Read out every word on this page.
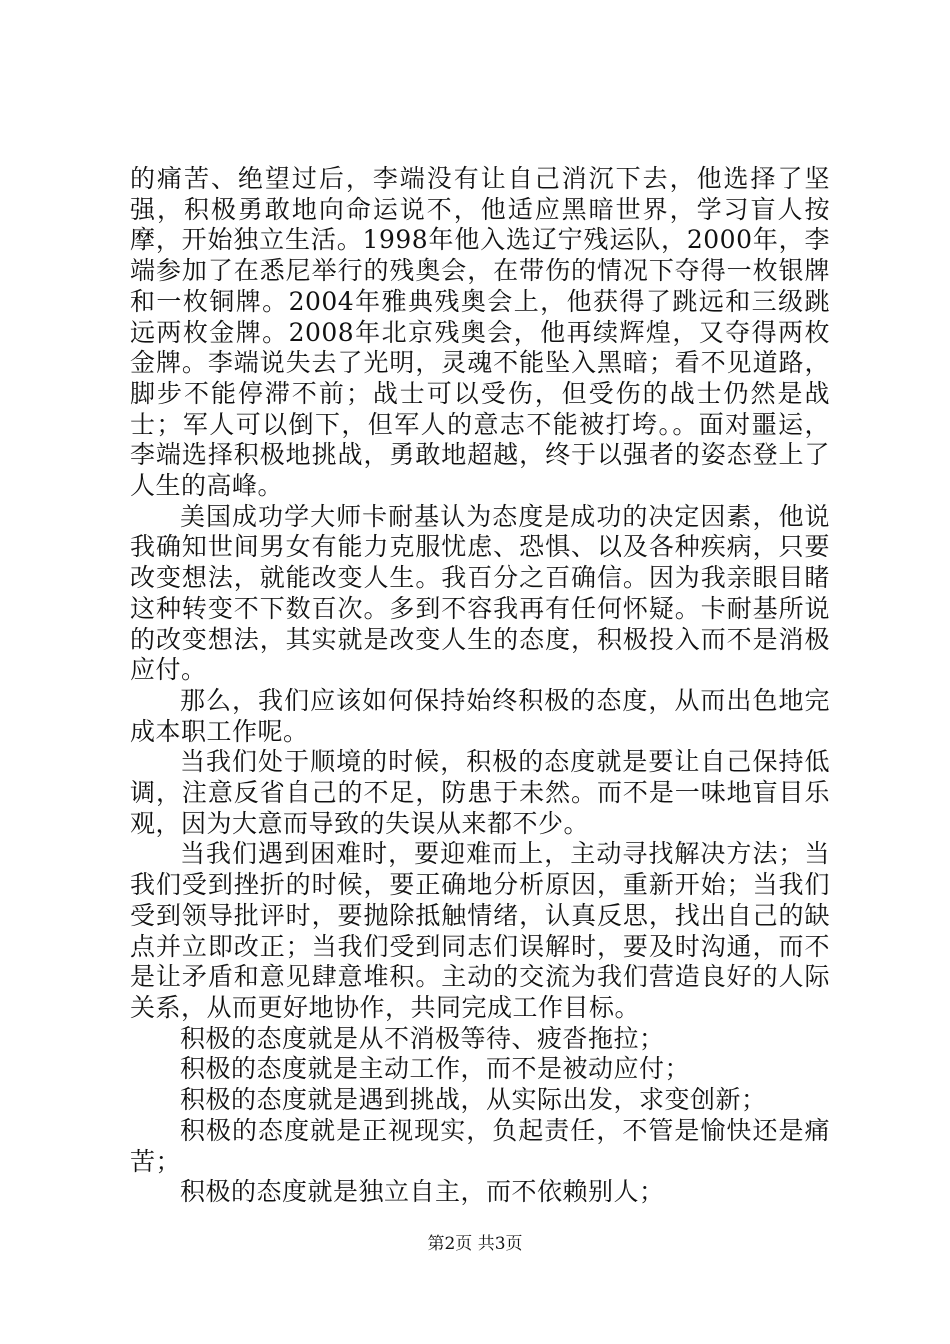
的痛苦、绝望过后，李端没有让自己消沉下去，他选择了坚强，积极勇敢地向命运说不，他适应黑暗世界，学习盲人按摩，开始独立生活。1998年他入选辽宁残运队，2000年，李端参加了在悉尼举行的残奥会，在带伤的情况下夺得一枚银牌和一枚铜牌。2004年雅典残奥会上，他获得了跳远和三级跳远两枚金牌。2008年北京残奥会，他再续辉煌，又夺得两枚金牌。李端说失去了光明，灵魂不能坠入黑暗；看不见道路，脚步不能停滞不前；战士可以受伤，但受伤的战士仍然是战士；军人可以倒下，但军人的意志不能被打垮。。面对噩运，李端选择积极地挑战，勇敢地超越，终于以强者的姿态登上了人生的高峰。

美国成功学大师卡耐基认为态度是成功的决定因素，他说我确知世间男女有能力克服忧虑、恐惧、以及各种疾病，只要改变想法，就能改变人生。我百分之百确信。因为我亲眼目睹这种转变不下数百次。多到不容我再有任何怀疑。卡耐基所说的改变想法，其实就是改变人生的态度，积极投入而不是消极应付。

那么，我们应该如何保持始终积极的态度，从而出色地完成本职工作呢。

当我们处于顺境的时候，积极的态度就是要让自己保持低调，注意反省自己的不足，防患于未然。而不是一味地盲目乐观，因为大意而导致的失误从来都不少。

当我们遇到困难时，要迎难而上，主动寻找解决方法；当我们受到挫折的时候，要正确地分析原因，重新开始；当我们受到领导批评时，要抛除抵触情绪，认真反思，找出自己的缺点并立即改正；当我们受到同志们误解时，要及时沟通，而不是让矛盾和意见肆意堆积。主动的交流为我们营造良好的人际关系，从而更好地协作，共同完成工作目标。

积极的态度就是从不消极等待、疲沓拖拉；

积极的态度就是主动工作，而不是被动应付；

积极的态度就是遇到挑战，从实际出发，求变创新；

积极的态度就是正视现实，负起责任，不管是愉快还是痛苦；

积极的态度就是独立自主，而不依赖别人；

第2页 共3页
